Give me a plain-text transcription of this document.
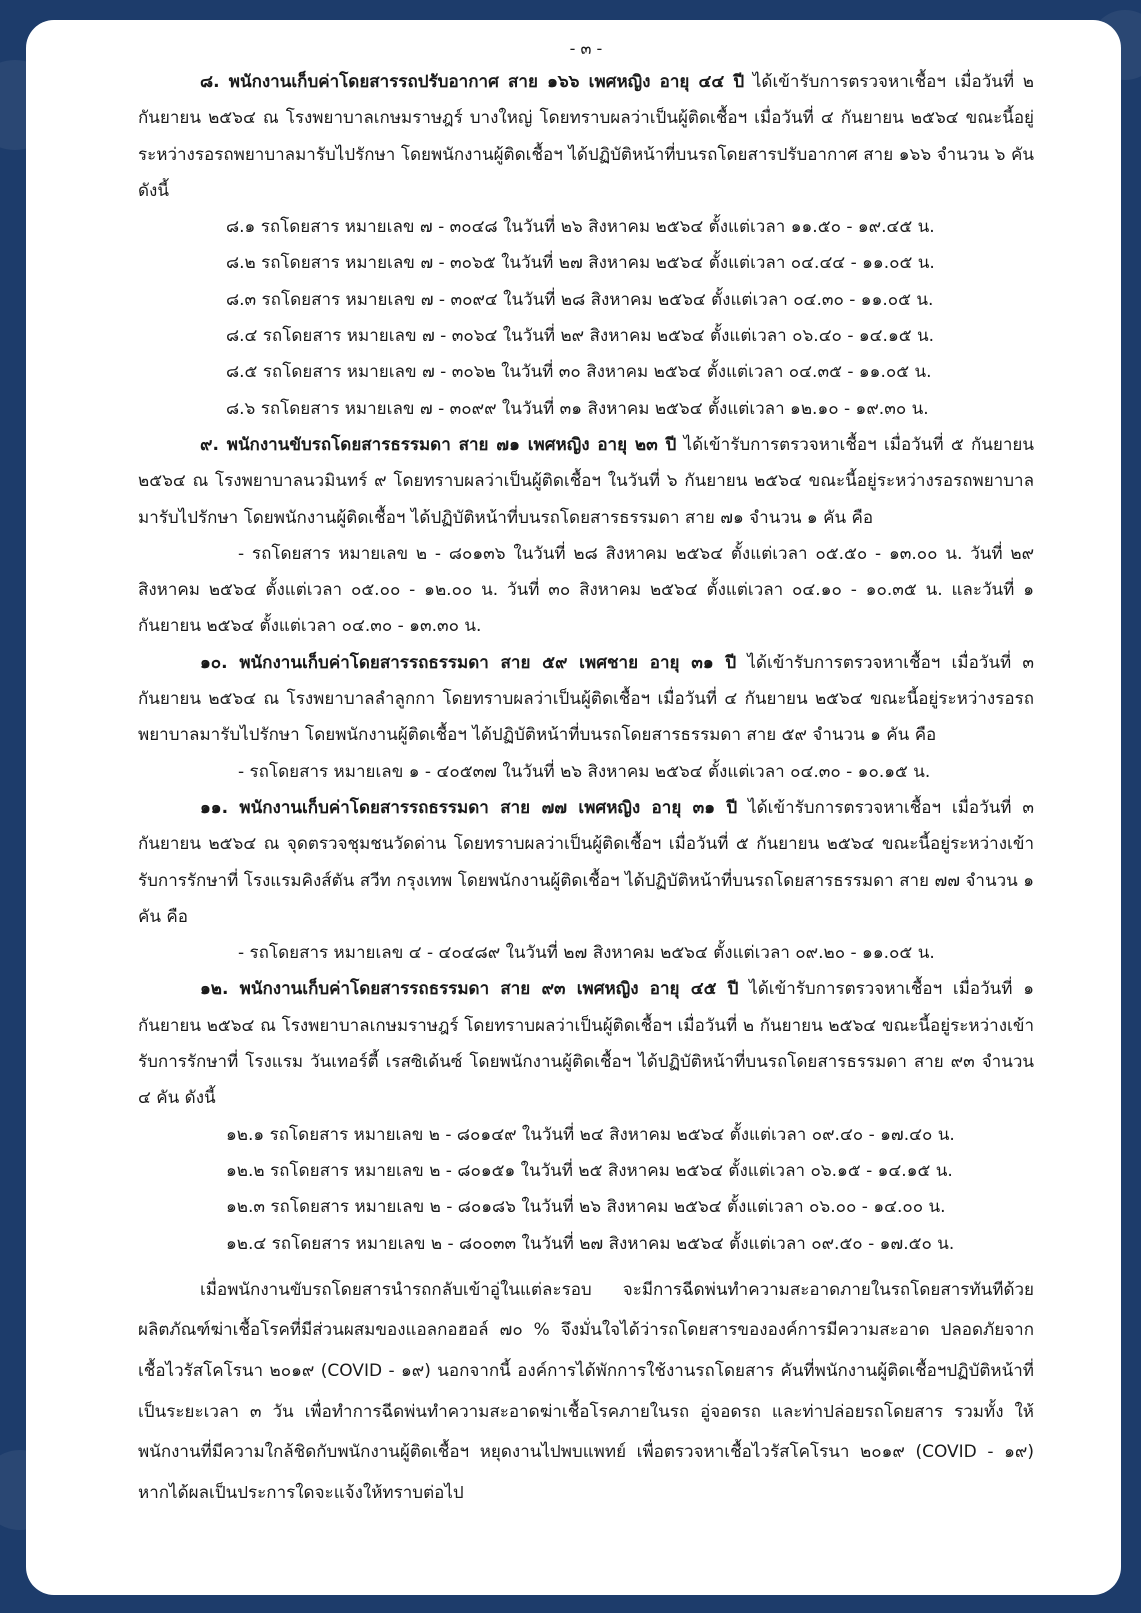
- ๓ -

๘. พนักงานเก็บค่าโดยสารรถปรับอากาศ สาย ๑๖๖ เพศหญิง อายุ ๔๔ ปี ได้เข้ารับการตรวจหาเชื้อฯ เมื่อวันที่ ๒ กันยายน ๒๕๖๔ ณ โรงพยาบาลเกษมราษฎร์ บางใหญ่ โดยทราบผลว่าเป็นผู้ติดเชื้อฯ เมื่อวันที่ ๔ กันยายน ๒๕๖๔ ขณะนี้อยู่ระหว่างรอรถพยาบาลมารับไปรักษา โดยพนักงานผู้ติดเชื้อฯ ได้ปฏิบัติหน้าที่บนรถโดยสารปรับอากาศ สาย ๑๖๖ จำนวน ๖ คัน ดังนี้

๘.๑ รถโดยสาร หมายเลข ๗ - ๓๐๔๘ ในวันที่ ๒๖ สิงหาคม ๒๕๖๔ ตั้งแต่เวลา ๑๑.๕๐ - ๑๙.๔๕ น.

๘.๒ รถโดยสาร หมายเลข ๗ - ๓๐๖๕ ในวันที่ ๒๗ สิงหาคม ๒๕๖๔ ตั้งแต่เวลา ๐๔.๔๔ - ๑๑.๐๕ น.

๘.๓ รถโดยสาร หมายเลข ๗ - ๓๐๙๔ ในวันที่ ๒๘ สิงหาคม ๒๕๖๔ ตั้งแต่เวลา ๐๔.๓๐ - ๑๑.๐๕ น.

๘.๔ รถโดยสาร หมายเลข ๗ - ๓๐๖๔ ในวันที่ ๒๙ สิงหาคม ๒๕๖๔ ตั้งแต่เวลา ๐๖.๔๐ - ๑๔.๑๕ น.

๘.๕ รถโดยสาร หมายเลข ๗ - ๓๐๖๒ ในวันที่ ๓๐ สิงหาคม ๒๕๖๔ ตั้งแต่เวลา ๐๔.๓๕ - ๑๑.๐๕ น.

๘.๖ รถโดยสาร หมายเลข ๗ - ๓๐๙๙ ในวันที่ ๓๑ สิงหาคม ๒๕๖๔ ตั้งแต่เวลา ๑๒.๑๐ - ๑๙.๓๐ น.

๙. พนักงานขับรถโดยสารธรรมดา สาย ๗๑ เพศหญิง อายุ ๒๓ ปี ได้เข้ารับการตรวจหาเชื้อฯ เมื่อวันที่ ๕ กันยายน ๒๕๖๔ ณ โรงพยาบาลนวมินทร์ ๙ โดยทราบผลว่าเป็นผู้ติดเชื้อฯ ในวันที่ ๖ กันยายน ๒๕๖๔ ขณะนี้อยู่ระหว่างรอรถพยาบาลมารับไปรักษา โดยพนักงานผู้ติดเชื้อฯ ได้ปฏิบัติหน้าที่บนรถโดยสารธรรมดา สาย ๗๑ จำนวน ๑ คัน คือ

- รถโดยสาร หมายเลข ๒ - ๘๐๑๓๖ ในวันที่ ๒๘ สิงหาคม ๒๕๖๔ ตั้งแต่เวลา ๐๕.๕๐ - ๑๓.๐๐ น. วันที่ ๒๙ สิงหาคม ๒๕๖๔ ตั้งแต่เวลา ๐๕.๐๐ - ๑๒.๐๐ น. วันที่ ๓๐ สิงหาคม ๒๕๖๔ ตั้งแต่เวลา ๐๔.๑๐ - ๑๐.๓๕ น. และวันที่ ๑ กันยายน ๒๕๖๔ ตั้งแต่เวลา ๐๔.๓๐ - ๑๓.๓๐ น.

๑๐. พนักงานเก็บค่าโดยสารรถธรรมดา สาย ๕๙ เพศชาย อายุ ๓๑ ปี ได้เข้ารับการตรวจหาเชื้อฯ เมื่อวันที่ ๓ กันยายน ๒๕๖๔ ณ โรงพยาบาลลำลูกกา โดยทราบผลว่าเป็นผู้ติดเชื้อฯ เมื่อวันที่ ๔ กันยายน ๒๕๖๔ ขณะนี้อยู่ระหว่างรอรถพยาบาลมารับไปรักษา โดยพนักงานผู้ติดเชื้อฯ ได้ปฏิบัติหน้าที่บนรถโดยสารธรรมดา สาย ๕๙ จำนวน ๑ คัน คือ

- รถโดยสาร หมายเลข ๑ - ๔๐๕๓๗ ในวันที่ ๒๖ สิงหาคม ๒๕๖๔ ตั้งแต่เวลา ๐๔.๓๐ - ๑๐.๑๕ น.

๑๑. พนักงานเก็บค่าโดยสารรถธรรมดา สาย ๗๗ เพศหญิง อายุ ๓๑ ปี ได้เข้ารับการตรวจหาเชื้อฯ เมื่อวันที่ ๓ กันยายน ๒๕๖๔ ณ จุดตรวจชุมชนวัดด่าน โดยทราบผลว่าเป็นผู้ติดเชื้อฯ เมื่อวันที่ ๕ กันยายน ๒๕๖๔ ขณะนี้อยู่ระหว่างเข้ารับการรักษาที่ โรงแรมคิงส์ตัน สวีท กรุงเทพ โดยพนักงานผู้ติดเชื้อฯ ได้ปฏิบัติหน้าที่บนรถโดยสารธรรมดา สาย ๗๗ จำนวน ๑ คัน คือ

- รถโดยสาร หมายเลข ๔ - ๔๐๔๘๙ ในวันที่ ๒๗ สิงหาคม ๒๕๖๔ ตั้งแต่เวลา ๐๙.๒๐ - ๑๑.๐๕ น.

๑๒. พนักงานเก็บค่าโดยสารรถธรรมดา สาย ๙๓ เพศหญิง อายุ ๔๕ ปี ได้เข้ารับการตรวจหาเชื้อฯ เมื่อวันที่ ๑ กันยายน ๒๕๖๔ ณ โรงพยาบาลเกษมราษฎร์ โดยทราบผลว่าเป็นผู้ติดเชื้อฯ เมื่อวันที่ ๒ กันยายน ๒๕๖๔ ขณะนี้อยู่ระหว่างเข้ารับการรักษาที่ โรงแรม วันเทอร์ตี้ เรสซิเด้นซ์ โดยพนักงานผู้ติดเชื้อฯ ได้ปฏิบัติหน้าที่บนรถโดยสารธรรมดา สาย ๙๓ จำนวน ๔ คัน ดังนี้

๑๒.๑ รถโดยสาร หมายเลข ๒ - ๘๐๑๔๙ ในวันที่ ๒๔ สิงหาคม ๒๕๖๔ ตั้งแต่เวลา ๐๙.๔๐ - ๑๗.๔๐ น.

๑๒.๒ รถโดยสาร หมายเลข ๒ - ๘๐๑๕๑ ในวันที่ ๒๕ สิงหาคม ๒๕๖๔ ตั้งแต่เวลา ๐๖.๑๕ - ๑๔.๑๕ น.

๑๒.๓ รถโดยสาร หมายเลข ๒ - ๘๐๑๘๖ ในวันที่ ๒๖ สิงหาคม ๒๕๖๔ ตั้งแต่เวลา ๐๖.๐๐ - ๑๔.๐๐ น.

๑๒.๔ รถโดยสาร หมายเลข ๒ - ๘๐๐๓๓ ในวันที่ ๒๗ สิงหาคม ๒๕๖๔ ตั้งแต่เวลา ๐๙.๕๐ - ๑๗.๕๐ น.

เมื่อพนักงานขับรถโดยสารนำรถกลับเข้าอู่ในแต่ละรอบ จะมีการฉีดพ่นทำความสะอาดภายในรถโดยสารทันทีด้วยผลิตภัณฑ์ฆ่าเชื้อโรคที่มีส่วนผสมของแอลกอฮอล์ ๗๐ % จึงมั่นใจได้ว่ารถโดยสารขององค์การมีความสะอาด ปลอดภัยจากเชื้อไวรัสโคโรนา ๒๐๑๙ (COVID - ๑๙) นอกจากนี้ องค์การได้พักการใช้งานรถโดยสาร คันที่พนักงานผู้ติดเชื้อฯปฏิบัติหน้าที่ เป็นระยะเวลา ๓ วัน เพื่อทำการฉีดพ่นทำความสะอาดฆ่าเชื้อโรคภายในรถ อู่จอดรถ และท่าปล่อยรถโดยสาร รวมทั้ง ให้พนักงานที่มีความใกล้ชิดกับพนักงานผู้ติดเชื้อฯ หยุดงานไปพบแพทย์ เพื่อตรวจหาเชื้อไวรัสโคโรนา ๒๐๑๙ (COVID - ๑๙) หากได้ผลเป็นประการใดจะแจ้งให้ทราบต่อไป
